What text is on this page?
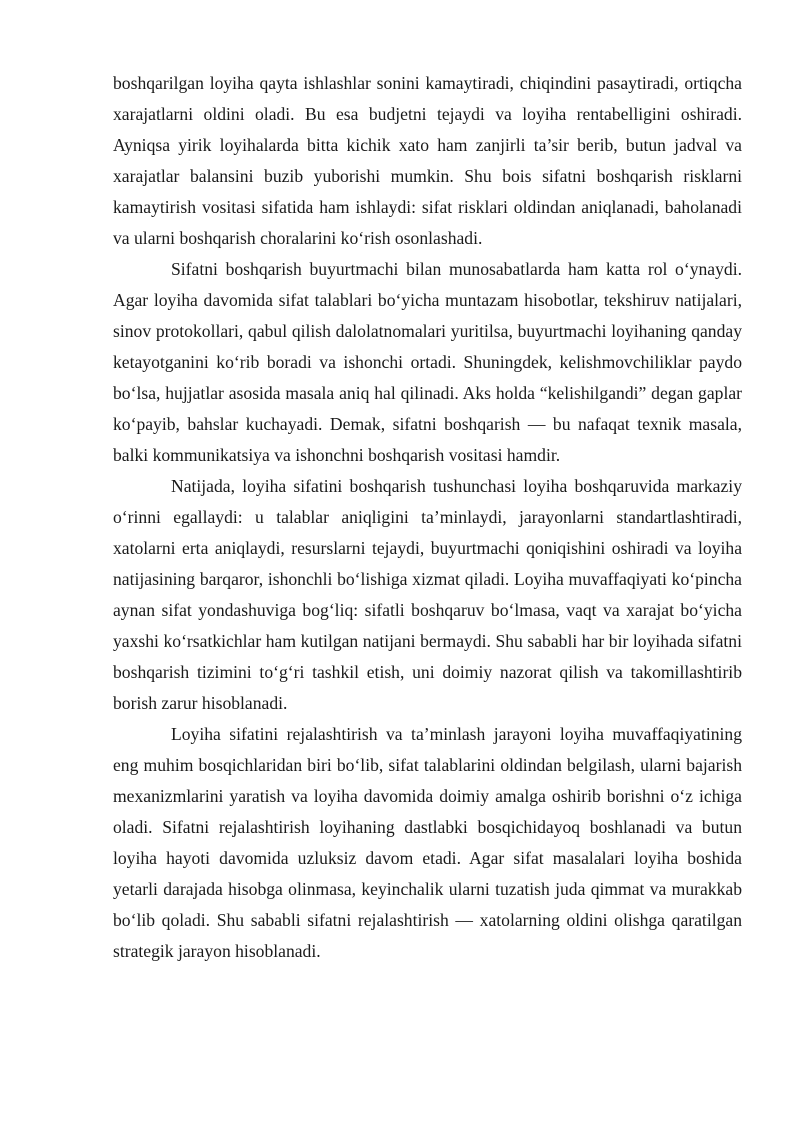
boshqarilgan loyiha qayta ishlashlar sonini kamaytiradi, chiqindini pasaytiradi, ortiqcha xarajatlarni oldini oladi. Bu esa budjetni tejaydi va loyiha rentabelligini oshiradi. Ayniqsa yirik loyihalarda bitta kichik xato ham zanjirli ta’sir berib, butun jadval va xarajatlar balansini buzib yuborishi mumkin. Shu bois sifatni boshqarish risklarni kamaytirish vositasi sifatida ham ishlaydi: sifat risklari oldindan aniqlanadi, baholanadi va ularni boshqarish choralarini ko‘rish osonlashadi.

Sifatni boshqarish buyurtmachi bilan munosabatlarda ham katta rol o‘ynaydi. Agar loyiha davomida sifat talablari bo‘yicha muntazam hisobotlar, tekshiruv natijalari, sinov protokollari, qabul qilish dalolatnomalari yuritilsa, buyurtmachi loyihaning qanday ketayotganini ko‘rib boradi va ishonchi ortadi. Shuningdek, kelishmovchiliklar paydo bo‘lsa, hujjatlar asosida masala aniq hal qilinadi. Aks holda “kelishilgandi” degan gaplar ko‘payib, bahslar kuchayadi. Demak, sifatni boshqarish — bu nafaqat texnik masala, balki kommunikatsiya va ishonchni boshqarish vositasi hamdir.

Natijada, loyiha sifatini boshqarish tushunchasi loyiha boshqaruvida markaziy o‘rinni egallaydi: u talablar aniqligini ta’minlaydi, jarayonlarni standartlashtiradi, xatolarni erta aniqlaydi, resurslarni tejaydi, buyurtmachi qoniqishini oshiradi va loyiha natijasining barqaror, ishonchli bo‘lishiga xizmat qiladi. Loyiha muvaffaqiyati ko‘pincha aynan sifat yondashuviga bog‘liq: sifatli boshqaruv bo‘lmasa, vaqt va xarajat bo‘yicha yaxshi ko‘rsatkichlar ham kutilgan natijani bermaydi. Shu sababli har bir loyihada sifatni boshqarish tizimini to‘g‘ri tashkil etish, uni doimiy nazorat qilish va takomillashtirib borish zarur hisoblanadi.

Loyiha sifatini rejalashtirish va ta’minlash jarayoni loyiha muvaffaqiyatining eng muhim bosqichlaridan biri bo‘lib, sifat talablarini oldindan belgilash, ularni bajarish mexanizmlarini yaratish va loyiha davomida doimiy amalga oshirib borishni o‘z ichiga oladi. Sifatni rejalashtirish loyihaning dastlabki bosqichidayoq boshlanadi va butun loyiha hayoti davomida uzluksiz davom etadi. Agar sifat masalalari loyiha boshida yetarli darajada hisobga olinmasa, keyinchalik ularni tuzatish juda qimmat va murakkab bo‘lib qoladi. Shu sababli sifatni rejalashtirish — xatolarning oldini olishga qaratilgan strategik jarayon hisoblanadi.
